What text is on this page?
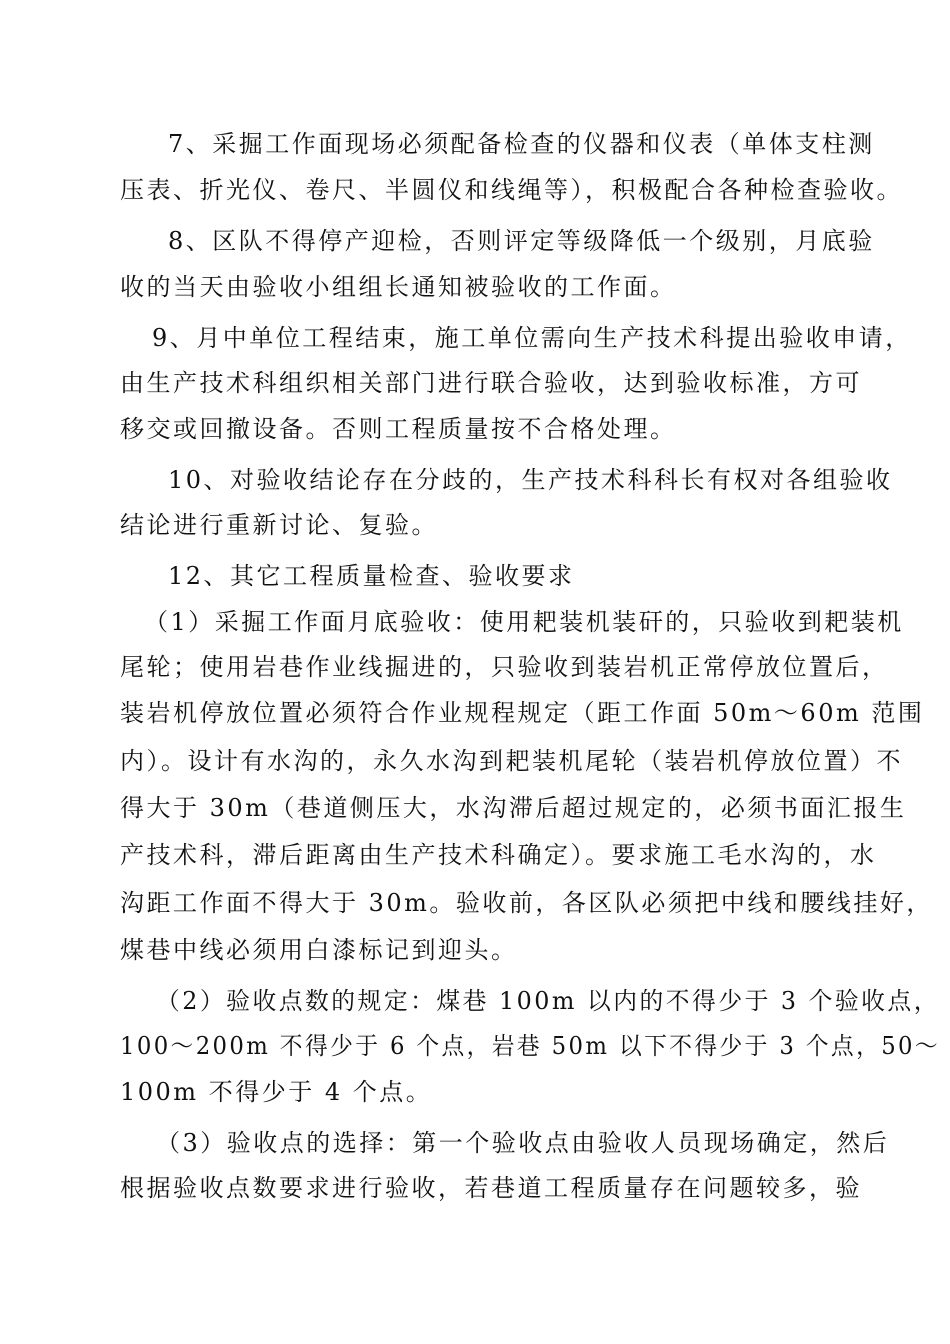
7、采掘工作面现场必须配备检查的仪器和仪表（单体支柱测
压表、折光仪、卷尺、半圆仪和线绳等），积极配合各种检查验收。
8、区队不得停产迎检，否则评定等级降低一个级别，月底验
收的当天由验收小组组长通知被验收的工作面。
9、月中单位工程结束，施工单位需向生产技术科提出验收申请，
由生产技术科组织相关部门进行联合验收，达到验收标准，方可
移交或回撤设备。否则工程质量按不合格处理。
10、对验收结论存在分歧的，生产技术科科长有权对各组验收
结论进行重新讨论、复验。
12、其它工程质量检查、验收要求
（1）采掘工作面月底验收：使用耙装机装矸的，只验收到耙装机
尾轮；使用岩巷作业线掘进的，只验收到装岩机正常停放位置后，
装岩机停放位置必须符合作业规程规定（距工作面 50m～60m 范围
内）。设计有水沟的，永久水沟到耙装机尾轮（装岩机停放位置）不
得大于 30m（巷道侧压大，水沟滞后超过规定的，必须书面汇报生
产技术科，滞后距离由生产技术科确定）。要求施工毛水沟的，水
沟距工作面不得大于 30m。验收前，各区队必须把中线和腰线挂好，
煤巷中线必须用白漆标记到迎头。
（2）验收点数的规定：煤巷 100m 以内的不得少于 3 个验收点，
100～200m 不得少于 6 个点，岩巷 50m 以下不得少于 3 个点，50～
100m 不得少于 4 个点。
（3）验收点的选择：第一个验收点由验收人员现场确定，然后
根据验收点数要求进行验收，若巷道工程质量存在问题较多，验
